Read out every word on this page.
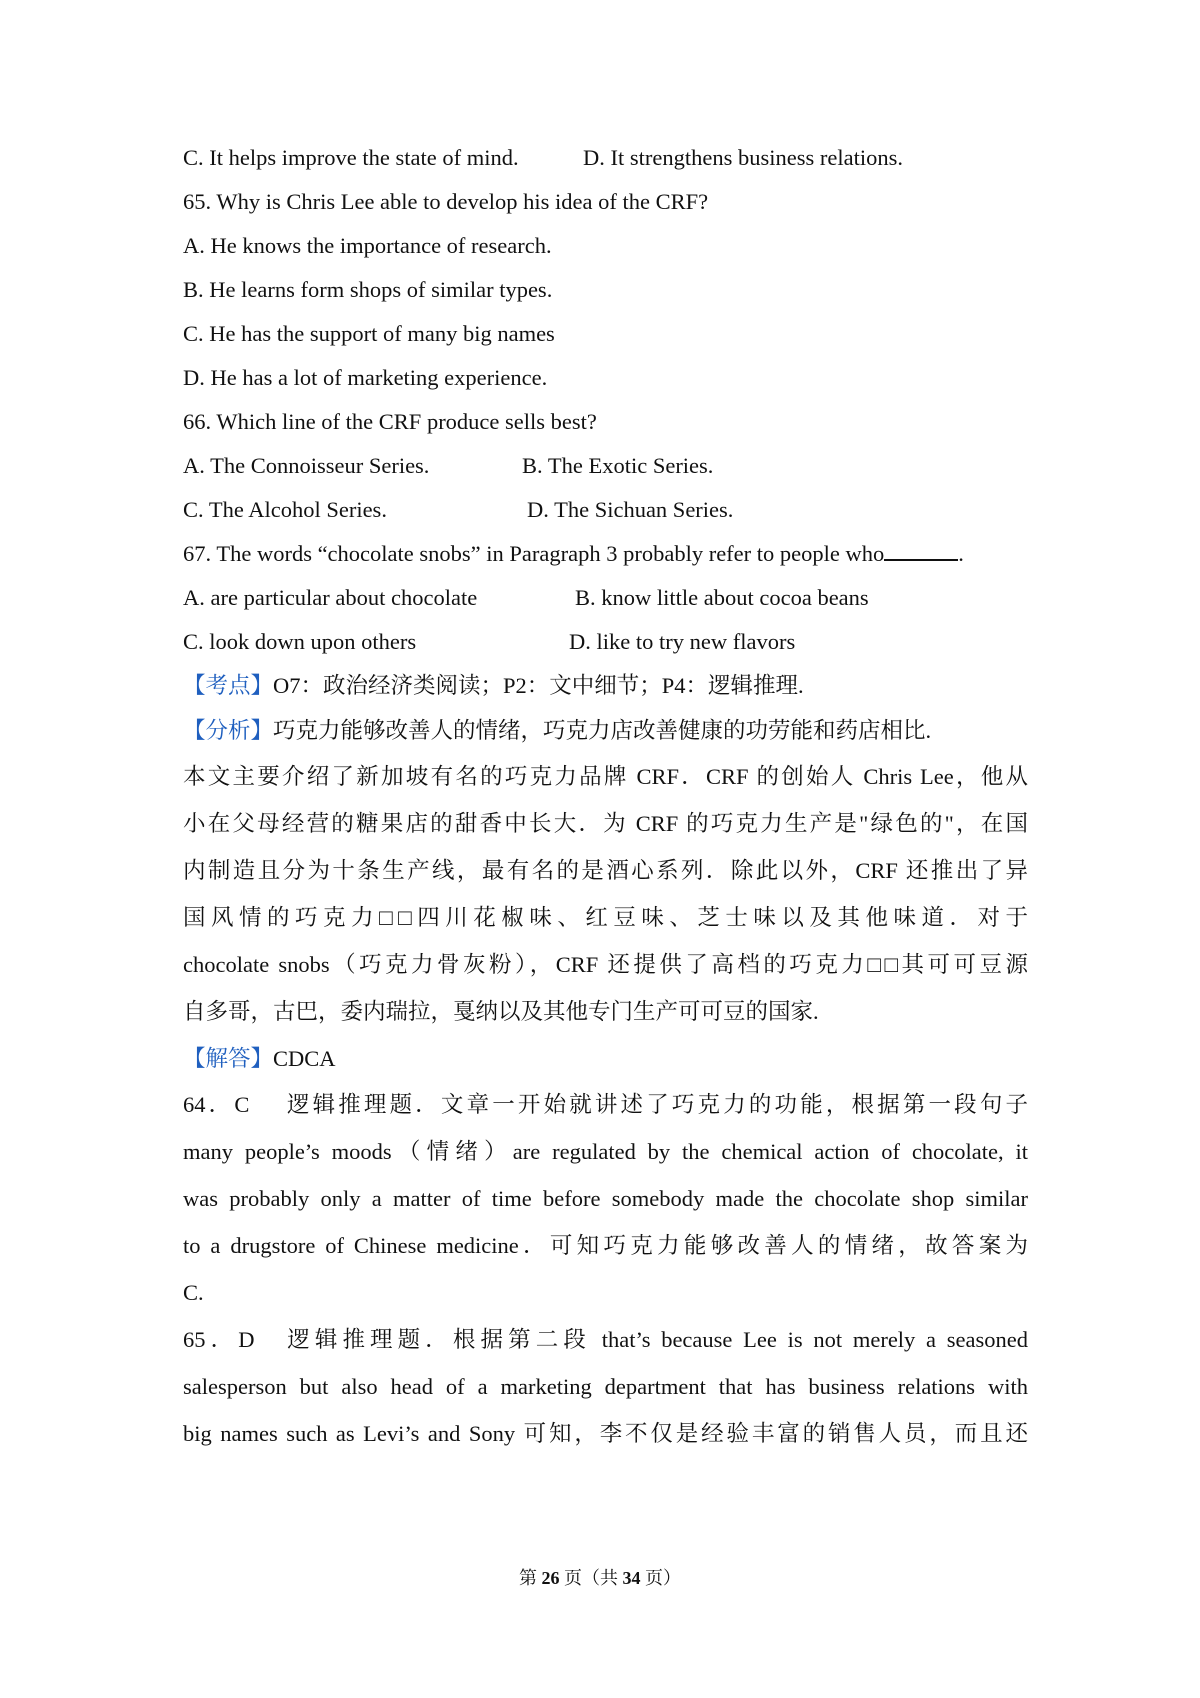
C. It helps improve the state of mind.	D. It strengthens business relations.
65. Why is Chris Lee able to develop his idea of the CRF?
A. He knows the importance of research.
B. He learns form shops of similar types.
C. He has the support of many big names
D. He has a lot of marketing experience.
66. Which line of the CRF produce sells best?
A. The Connoisseur Series.	B. The Exotic Series.
C. The Alcohol Series.	D. The Sichuan Series.
67. The words “chocolate snobs” in Paragraph 3 probably refer to people who	.
A. are particular about chocolate	B. know little about cocoa beans
C. look down upon others	D. like to try new flavors
【考点】O7：政治经济类阅读；P2：文中细节；P4：逻辑推理.
【分析】巧克力能够改善人的情绪，巧克力店改善健康的功劳能和药店相比.
本文主要介绍了新加坡有名的巧克力品牌 CRF．CRF 的创始人 Chris Lee，他从
小在父母经营的糖果店的甜香中长大．为 CRF 的巧克力生产是"绿色的"，在国
内制造且分为十条生产线，最有名的是酒心系列．除此以外，CRF 还推出了异
国风情的巧克力□□四川花椒味、红豆味、芝士味以及其他味道．对于
chocolate snobs（巧克力骨灰粉），CRF 还提供了高档的巧克力□□其可可豆源
自多哥，古巴，委内瑞拉，戛纳以及其他专门生产可可豆的国家.
【解答】CDCA
64．C　 逻辑推理题．文章一开始就讲述了巧克力的功能，根据第一段句子
many people’s moods（情绪）are regulated by the chemical action of chocolate, it
was probably only a matter of time before somebody made the chocolate shop similar
to a drugstore of Chinese medicine．可知巧克力能够改善人的情绪，故答案为
C.
65．D　逻辑推理题．根据第二段 that’s because Lee is not merely a seasoned
salesperson but also head of a marketing department that has business relations with
big names such as Levi’s and Sony 可知，李不仅是经验丰富的销售人员，而且还
第 26 页（共 34 页）
